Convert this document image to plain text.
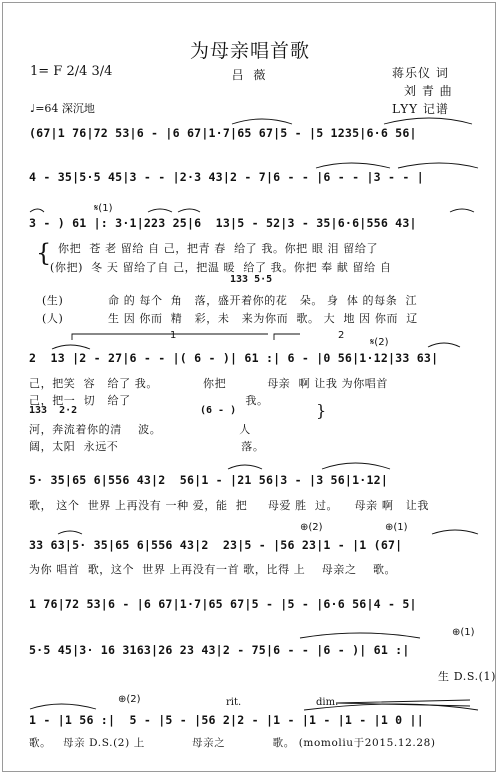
为母亲唱首歌
吕 薇
1= F 2/4 3/4	蒋乐仪 词
刘 青 曲
LYY 记谱
♩=64 深沉地
(67|1 76|72 53|6 - |6 67|1·7|65 67|5 - |5 1235|6·6 56|
4 - 35|5·5 45|3 - - |2·3 43|2 - 7|6 - - |6 - - |3 - - |
𝄋(1)
3 - ) 61 |: 3·1|223 25|6  13|5 - 52|3 - 35|6·6|556 43|
{ 你把  苍 老 留给 自 己，把青 春  给了 我。你把 眼 泪 留给了
(你把)  冬 天 留给了自 己，把温 暖  给了 我。你把 奉 献 留给 自
133 5·5
(生)	命 的 每个  角   落，盛开着你的花   朵。 身  体 的每条  江
(人)	生 因 你而  精   彩，未   来为你而  歌。 大  地 因 你而  辽
1	2
𝄋(2)
2  13 |2 - 27|6 - - |( 6 - )| 61 :| 6 - |0 56|1·12|33 63|
己，把笑  容   给了 我。           你把          母亲  啊 让我 为你唱首
己，把一  切   给了                            我。
133  2·2	(6 - )	}
河，奔流着你的清    波。                   人
阔，太阳  永远不                              落。
5· 35|65 6|556 43|2  56|1 - |21 56|3 - |3 56|1·12|
歌， 这个  世界 上再没有 一种 爱，能  把     母爱 胜  过。    母亲 啊   让我
⊕(2)	⊕(1)
33 63|5· 35|65 6|556 43|2  23|5 - |56 23|1 - |1 (67|
为你 唱首  歌，这个  世界 上再没有一首 歌，比得 上    母亲之    歌。
1 76|72 53|6 - |6 67|1·7|65 67|5 - |5 - |6·6 56|4 - 5|
⊕(1)
5·5 45|3· 16 3163|26 23 43|2 - 75|6 - - |6 - )| 61 :|
生 D.S.(1)
⊕(2)	rit.	dim.
1 - |1 56 :|  5 - |5 - |56 2|2 - |1 - |1 - |1 - |1 0 ||
歌。   母亲 D.S.(2) 上            母亲之            歌。 (momoliu于2015.12.28)
